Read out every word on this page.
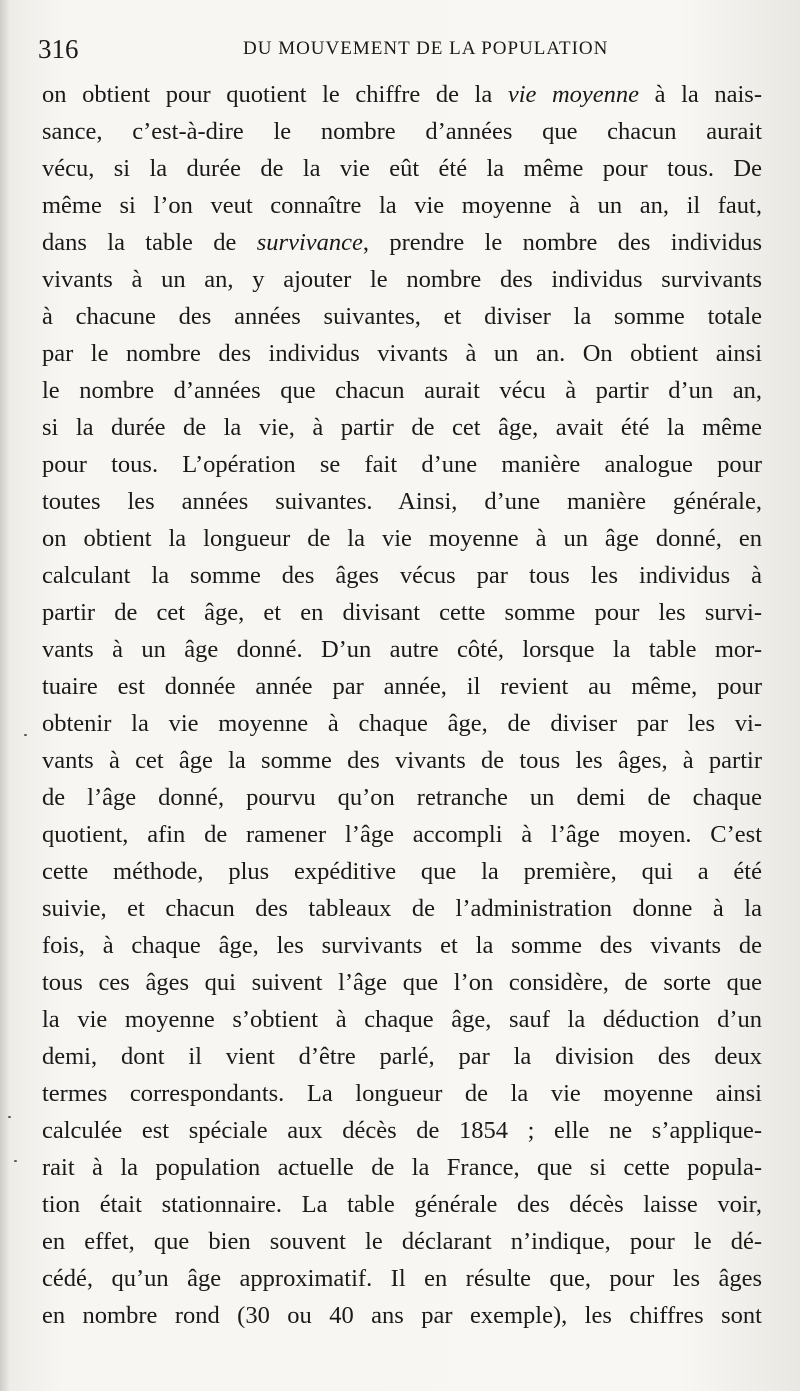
316	DU MOUVEMENT DE LA POPULATION
on obtient pour quotient le chiffre de la vie moyenne à la nais-
sance, c’est-à-dire le nombre d’années que chacun aurait
vécu, si la durée de la vie eût été la même pour tous. De
même si l’on veut connaître la vie moyenne à un an, il faut,
dans la table de survivance, prendre le nombre des individus
vivants à un an, y ajouter le nombre des individus survivants
à chacune des années suivantes, et diviser la somme totale
par le nombre des individus vivants à un an. On obtient ainsi
le nombre d’années que chacun aurait vécu à partir d’un an,
si la durée de la vie, à partir de cet âge, avait été la même
pour tous. L’opération se fait d’une manière analogue pour
toutes les années suivantes. Ainsi, d’une manière générale,
on obtient la longueur de la vie moyenne à un âge donné, en
calculant la somme des âges vécus par tous les individus à
partir de cet âge, et en divisant cette somme pour les survi-
vants à un âge donné. D’un autre côté, lorsque la table mor-
tuaire est donnée année par année, il revient au même, pour
obtenir la vie moyenne à chaque âge, de diviser par les vi-
vants à cet âge la somme des vivants de tous les âges, à partir
de l’âge donné, pourvu qu’on retranche un demi de chaque
quotient, afin de ramener l’âge accompli à l’âge moyen. C’est
cette méthode, plus expéditive que la première, qui a été
suivie, et chacun des tableaux de l’administration donne à la
fois, à chaque âge, les survivants et la somme des vivants de
tous ces âges qui suivent l’âge que l’on considère, de sorte que
la vie moyenne s’obtient à chaque âge, sauf la déduction d’un
demi, dont il vient d’être parlé, par la division des deux
termes correspondants. La longueur de la vie moyenne ainsi
calculée est spéciale aux décès de 1854 ; elle ne s’applique-
rait à la population actuelle de la France, que si cette popula-
tion était stationnaire. La table générale des décès laisse voir,
en effet, que bien souvent le déclarant n’indique, pour le dé-
cédé, qu’un âge approximatif. Il en résulte que, pour les âges
en nombre rond (30 ou 40 ans par exemple), les chiffres sont
